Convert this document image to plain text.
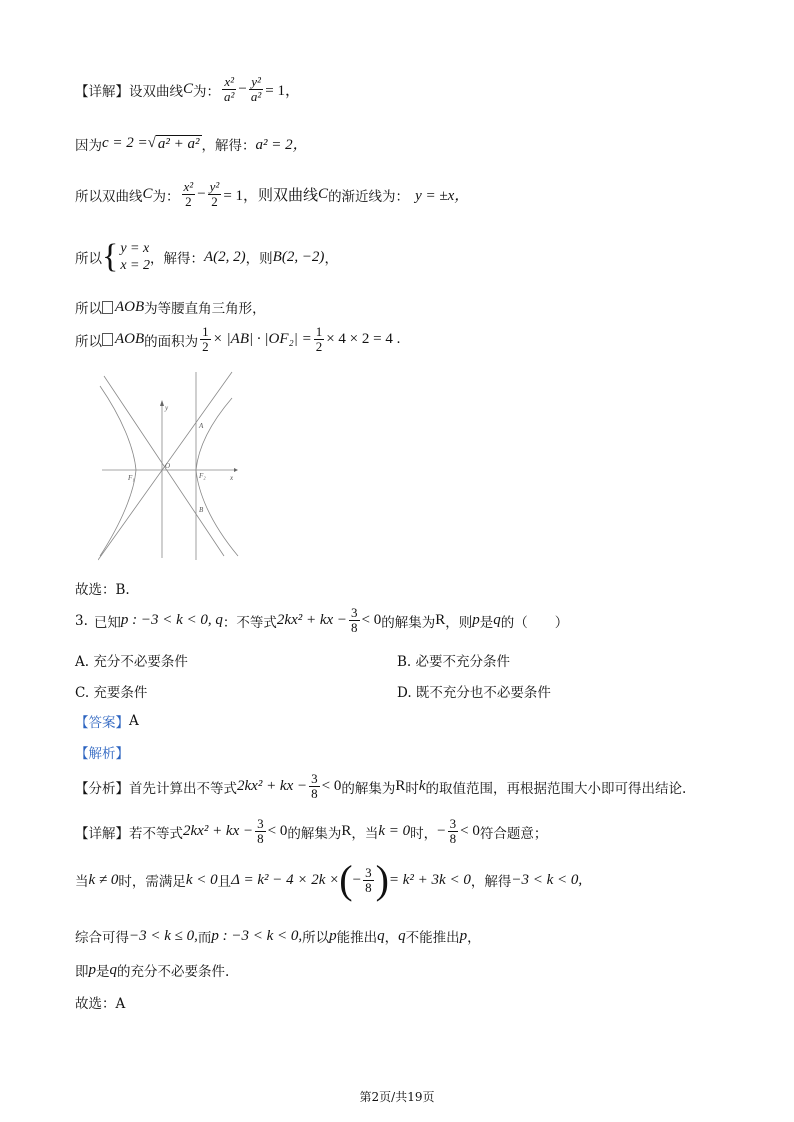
【详解】 设双曲线 C 为： $\frac{\text{x²}}{\text{a²}} - \frac{\text{y²}}{\text{a²}} = 1$，
因为 c = 2 = √ a² + a² ，解得： a² = 2，
所以双曲线 C 为： $\frac{\text{x²}}{2} - \frac{\text{y²}}{2} = 1$，则双曲线 C 的渐近线为： y = ±x，
所以 { y = x
x = 2 ，解得： A(2, 2) ，则 B(2, −2) ，
所以 AOB 为等腰直角三角形，
所以 AOB 的面积为 $\frac{1}{2} \times |AB| \cdot |OF_2| = \frac{1}{2} \times 4 \times 2 = 4$ .
y
x
O
A
B
F₁	F₂
故选：B.
3. 已知 p : −3 < k < 0, q ：不等式 2kx² + kx − $\frac{3}{8} < 0$ 的解集为 R ，则 p 是 q 的（　　）
A. 充分不必要条件	B. 必要不充分条件
C. 充要条件	D. 既不充分也不必要条件
【答案】 A
【解析】
【分析】 首先计算出不等式 2kx² + kx − $\frac{3}{8} < 0$ 的解集为 R 时 k 的取值范围，再根据范围大小即可得出结论.
【详解】 若不等式 2kx² + kx − $\frac{3}{8} < 0$ 的解集为 R ，当 k = 0 时， − $\frac{3}{8} < 0$ 符合题意；
当 k ≠ 0 时，需满足 k < 0 且 Δ = k² − 4 × 2k × ( − $\frac{3}{8}$ ) = k² + 3k < 0 ，解得 −3 < k < 0,
综合可得 −3 < k ≤ 0, 而 p : −3 < k < 0, 所以 p 能推出 q ， q 不能推出 p ，
即 p 是 q 的充分不必要条件.
故选：A
第2页/共19页
